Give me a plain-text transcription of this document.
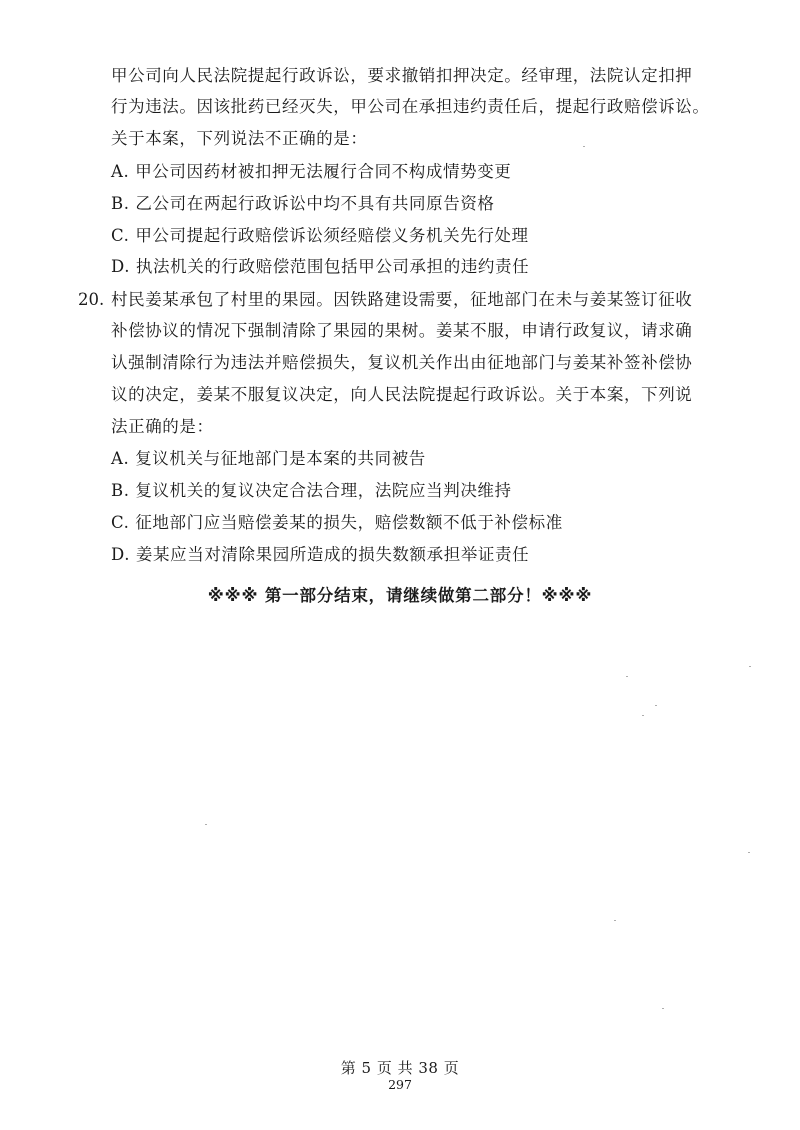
甲公司向人民法院提起行政诉讼，要求撤销扣押决定。经审理，法院认定扣押
行为违法。因该批药已经灭失，甲公司在承担违约责任后，提起行政赔偿诉讼。
关于本案，下列说法不正确的是：
A. 甲公司因药材被扣押无法履行合同不构成情势变更
B. 乙公司在两起行政诉讼中均不具有共同原告资格
C. 甲公司提起行政赔偿诉讼须经赔偿义务机关先行处理
D. 执法机关的行政赔偿范围包括甲公司承担的违约责任
20. 村民姜某承包了村里的果园。因铁路建设需要，征地部门在未与姜某签订征收
补偿协议的情况下强制清除了果园的果树。姜某不服，申请行政复议，请求确
认强制清除行为违法并赔偿损失，复议机关作出由征地部门与姜某补签补偿协
议的决定，姜某不服复议决定，向人民法院提起行政诉讼。关于本案，下列说
法正确的是：
A. 复议机关与征地部门是本案的共同被告
B. 复议机关的复议决定合法合理，法院应当判决维持
C. 征地部门应当赔偿姜某的损失，赔偿数额不低于补偿标准
D. 姜某应当对清除果园所造成的损失数额承担举证责任
※※※ 第一部分结束，请继续做第二部分！※※※
第 5 页 共 38 页
297
